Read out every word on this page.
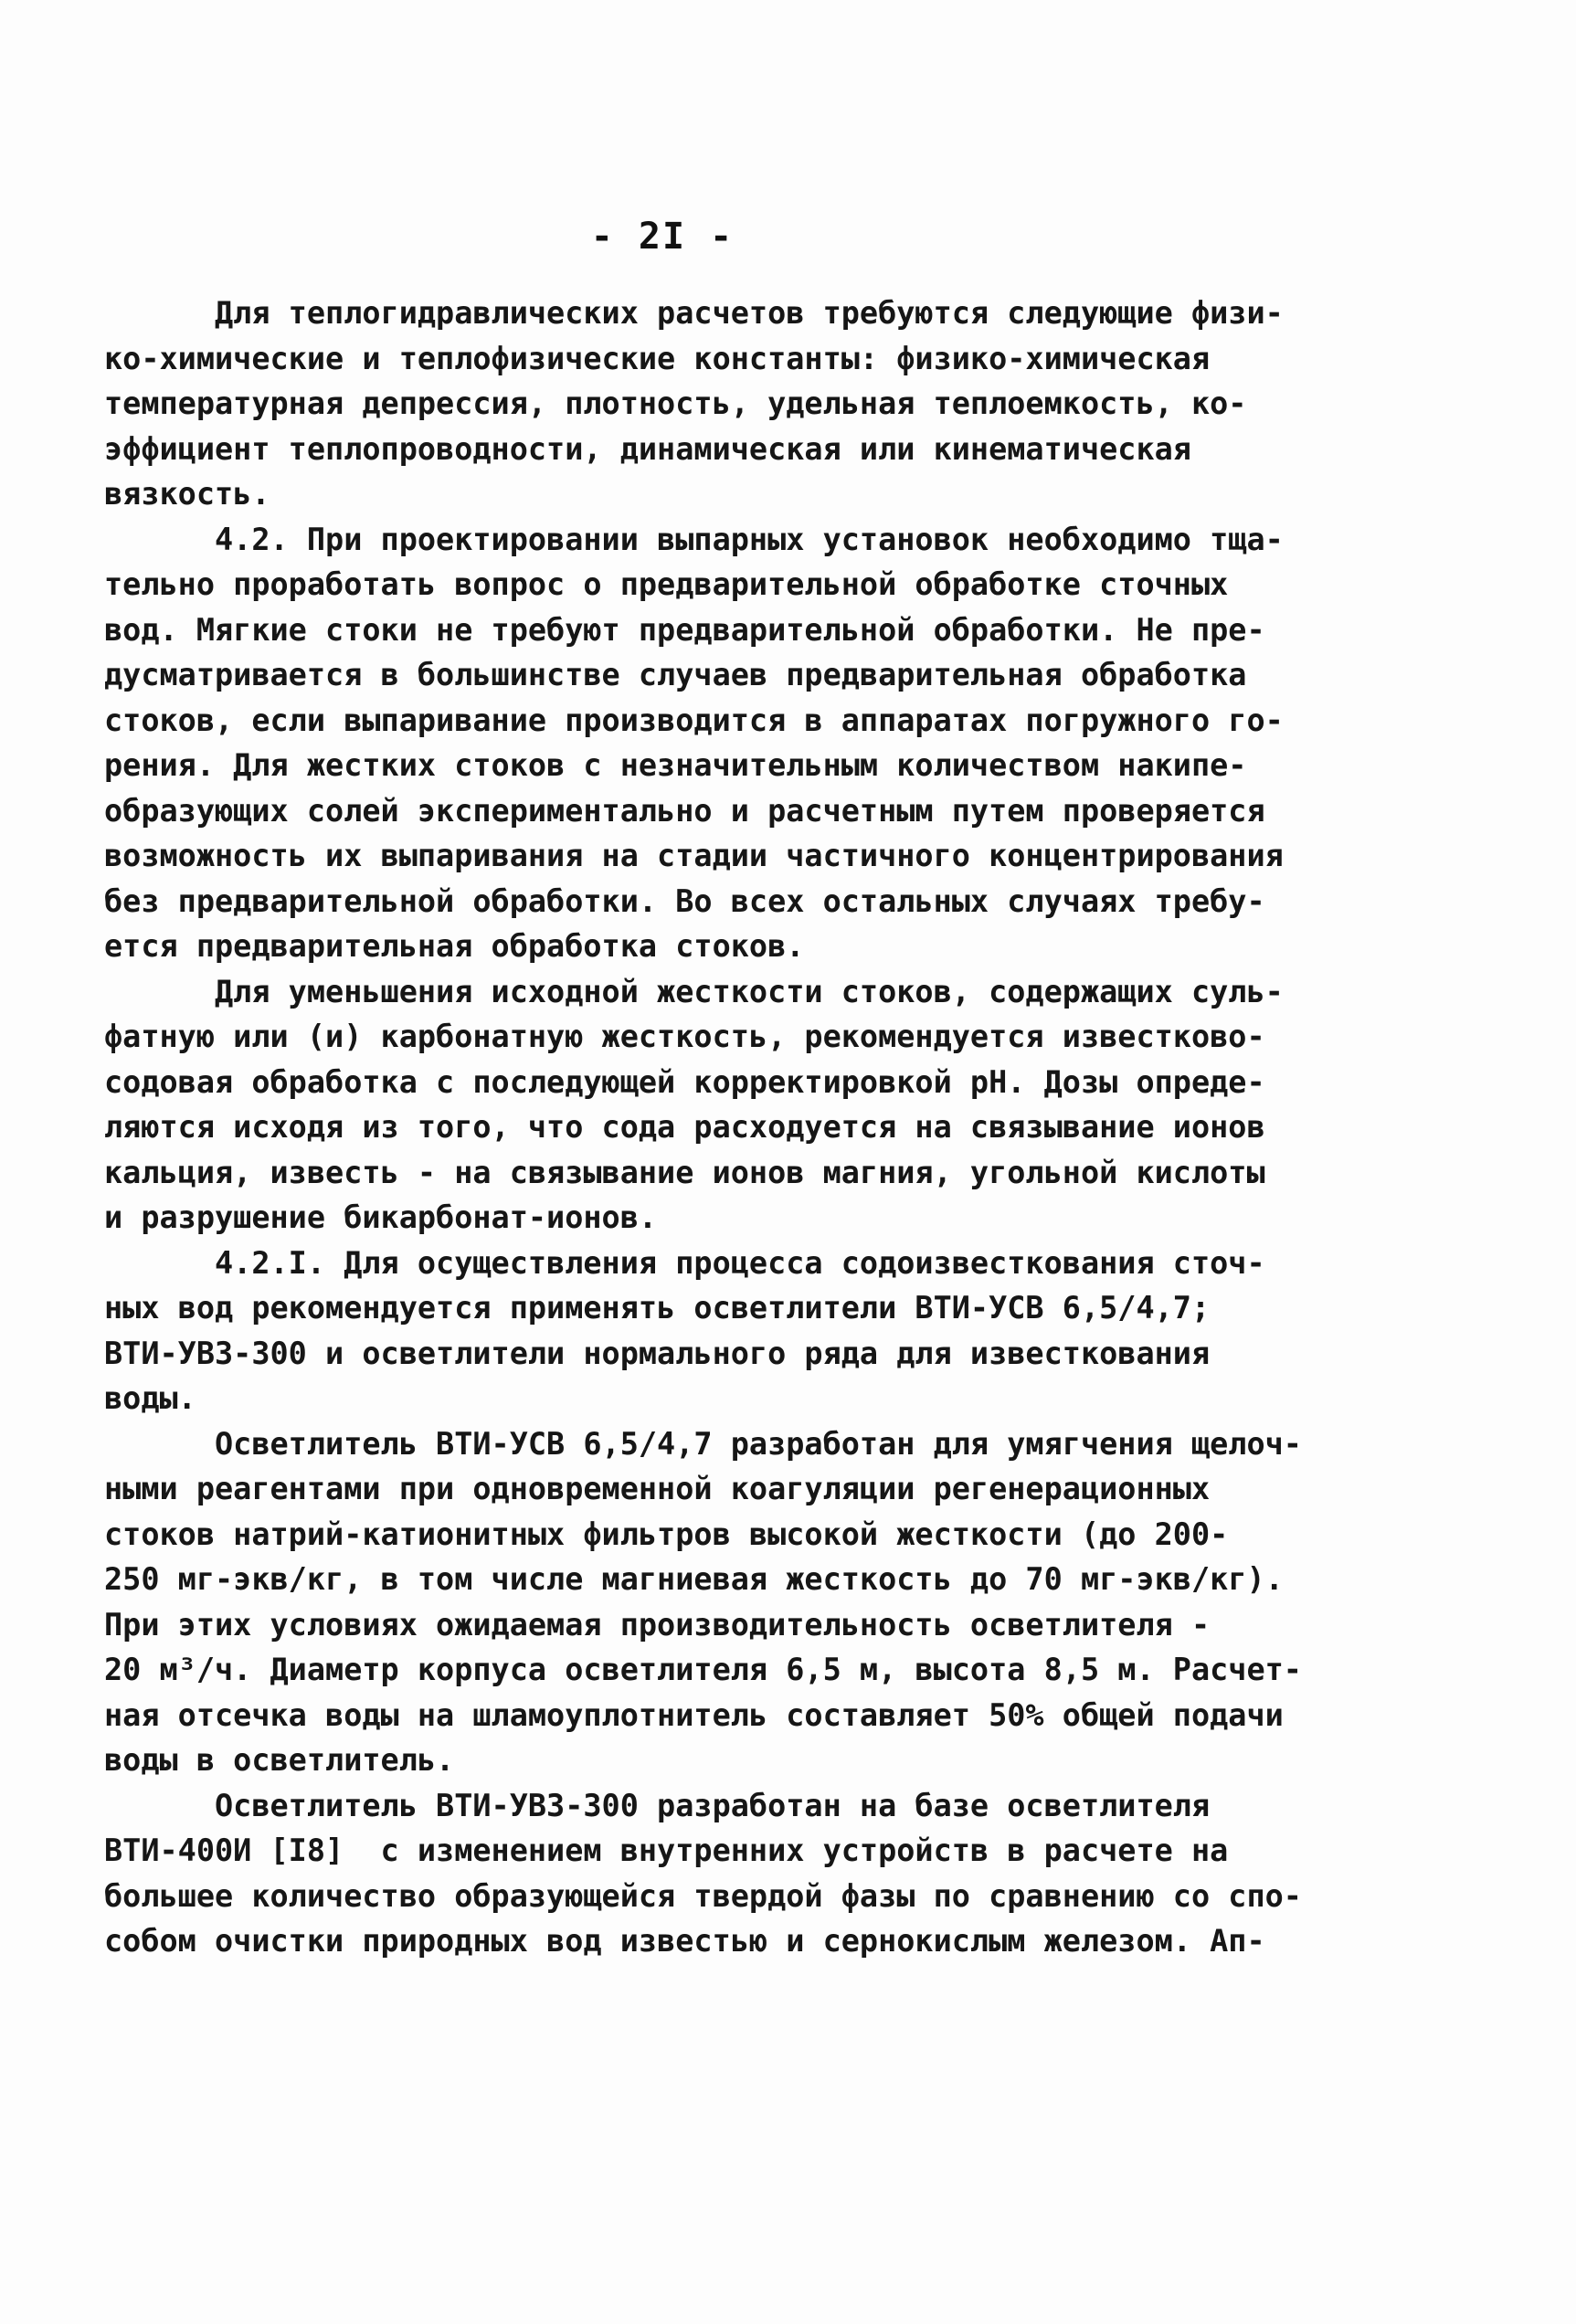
- 2I -
Для теплогидравлических расчетов требуются следующие физи-
ко-химические и теплофизические константы: физико-химическая
температурная депрессия, плотность, удельная теплоемкость, ко-
эффициент теплопроводности, динамическая или кинематическая
вязкость.
4.2. При проектировании выпарных установок необходимо тща-
тельно проработать вопрос о предварительной обработке сточных
вод. Мягкие стоки не требуют предварительной обработки. Не пре-
дусматривается в большинстве случаев предварительная обработка
стоков, если выпаривание производится в аппаратах погружного го-
рения. Для жестких стоков с незначительным количеством накипе-
образующих солей экспериментально и расчетным путем проверяется
возможность их выпаривания на стадии частичного концентрирования
без предварительной обработки. Во всех остальных случаях требу-
ется предварительная обработка стоков.
Для уменьшения исходной жесткости стоков, содержащих суль-
фатную или (и) карбонатную жесткость, рекомендуется известково-
содовая обработка с последующей корректировкой pH. Дозы опреде-
ляются исходя из того, что сода расходуется на связывание ионов
кальция, известь - на связывание ионов магния, угольной кислоты
и разрушение бикарбонат-ионов.
4.2.I. Для осуществления процесса содоизвесткования сточ-
ных вод рекомендуется применять осветлители ВТИ-УСВ 6,5/4,7;
ВТИ-УВЗ-300 и осветлители нормального ряда для известкования
воды.
Осветлитель ВТИ-УСВ 6,5/4,7 разработан для умягчения щелоч-
ными реагентами при одновременной коагуляции регенерационных
стоков натрий-катионитных фильтров высокой жесткости (до 200-
250 мг-экв/кг, в том числе магниевая жесткость до 70 мг-экв/кг).
При этих условиях ожидаемая производительность осветлителя -
20 м³/ч. Диаметр корпуса осветлителя 6,5 м, высота 8,5 м. Расчет-
ная отсечка воды на шламоуплотнитель составляет 50% общей подачи
воды в осветлитель.
Осветлитель ВТИ-УВЗ-300 разработан на базе осветлителя
ВТИ-400И [I8]  с изменением внутренних устройств в расчете на
большее количество образующейся твердой фазы по сравнению со спо-
собом очистки природных вод известью и сернокислым железом. Ап-
